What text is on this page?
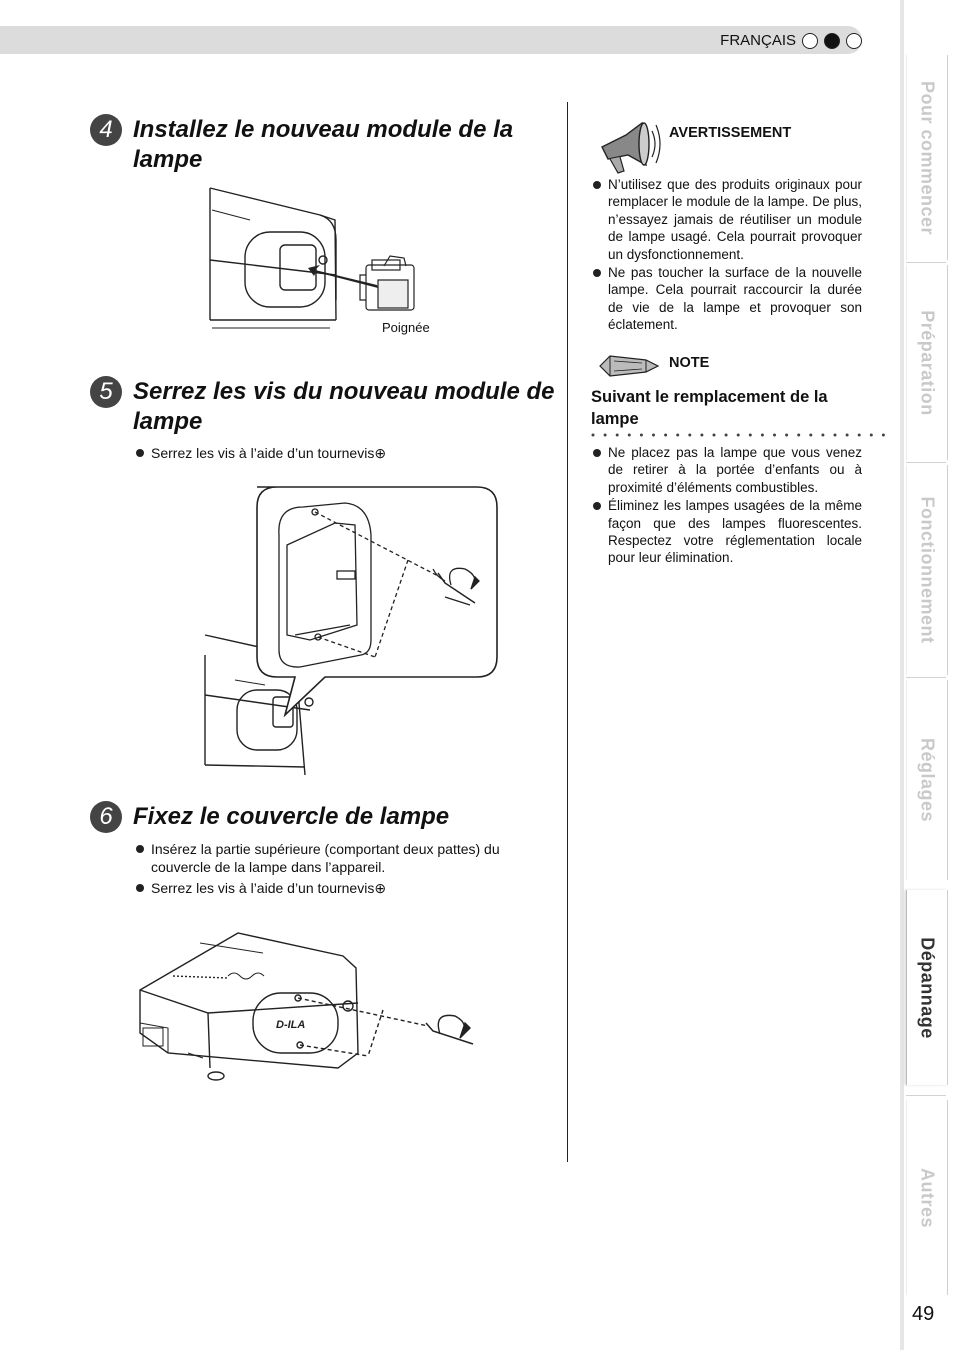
FRANÇAIS
Pour commencer
Préparation
Fonctionnement
Réglages
Dépannage
Autres
49
4 Installez le nouveau module de la lampe
Poignée
5 Serrez les vis du nouveau module de lampe
Serrez les vis à l’aide d’un tournevis⊕
6 Fixez le couvercle de lampe
Insérez la partie supérieure (comportant deux pattes) du couvercle de la lampe dans l’appareil.
Serrez les vis à l’aide d’un tournevis⊕
D-ILA
AVERTISSEMENT
N’utilisez que des produits originaux pour remplacer le module de la lampe. De plus, n’essayez jamais de réutiliser un module de lampe usagé. Cela pourrait provoquer un dysfonctionnement.
Ne pas toucher la surface de la nouvelle lampe. Cela pourrait raccourcir la durée de vie de la lampe et provoquer son éclatement.
NOTE
Suivant le remplacement de la lampe
Ne placez pas la lampe que vous venez de retirer à la portée d’enfants ou à proximité d’éléments combustibles.
Éliminez les lampes usagées de la même façon que des lampes fluorescentes. Respectez votre réglementation locale pour leur élimination.
